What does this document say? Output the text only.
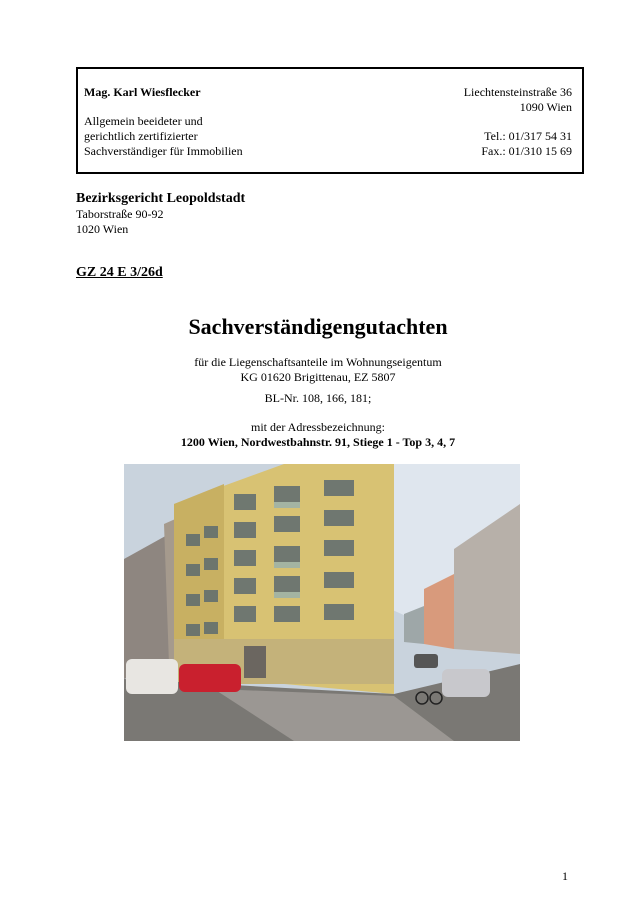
Mag. Karl Wiesflecker
Allgemein beeideter und
gerichtlich zertifizierter
Sachverständiger für Immobilien
Liechtensteinstraße 36
1090 Wien
Tel.: 01/317 54 31
Fax.: 01/310 15 69
Bezirksgericht Leopoldstadt
Taborstraße 90-92
1020 Wien
GZ 24 E 3/26d
Sachverständigengutachten
für die Liegenschaftsanteile im Wohnungseigentum
KG 01620 Brigittenau, EZ 5807
BL-Nr. 108, 166, 181;
mit der Adressbezeichnung:
1200 Wien, Nordwestbahnstr. 91, Stiege 1 - Top 3, 4, 7
1
